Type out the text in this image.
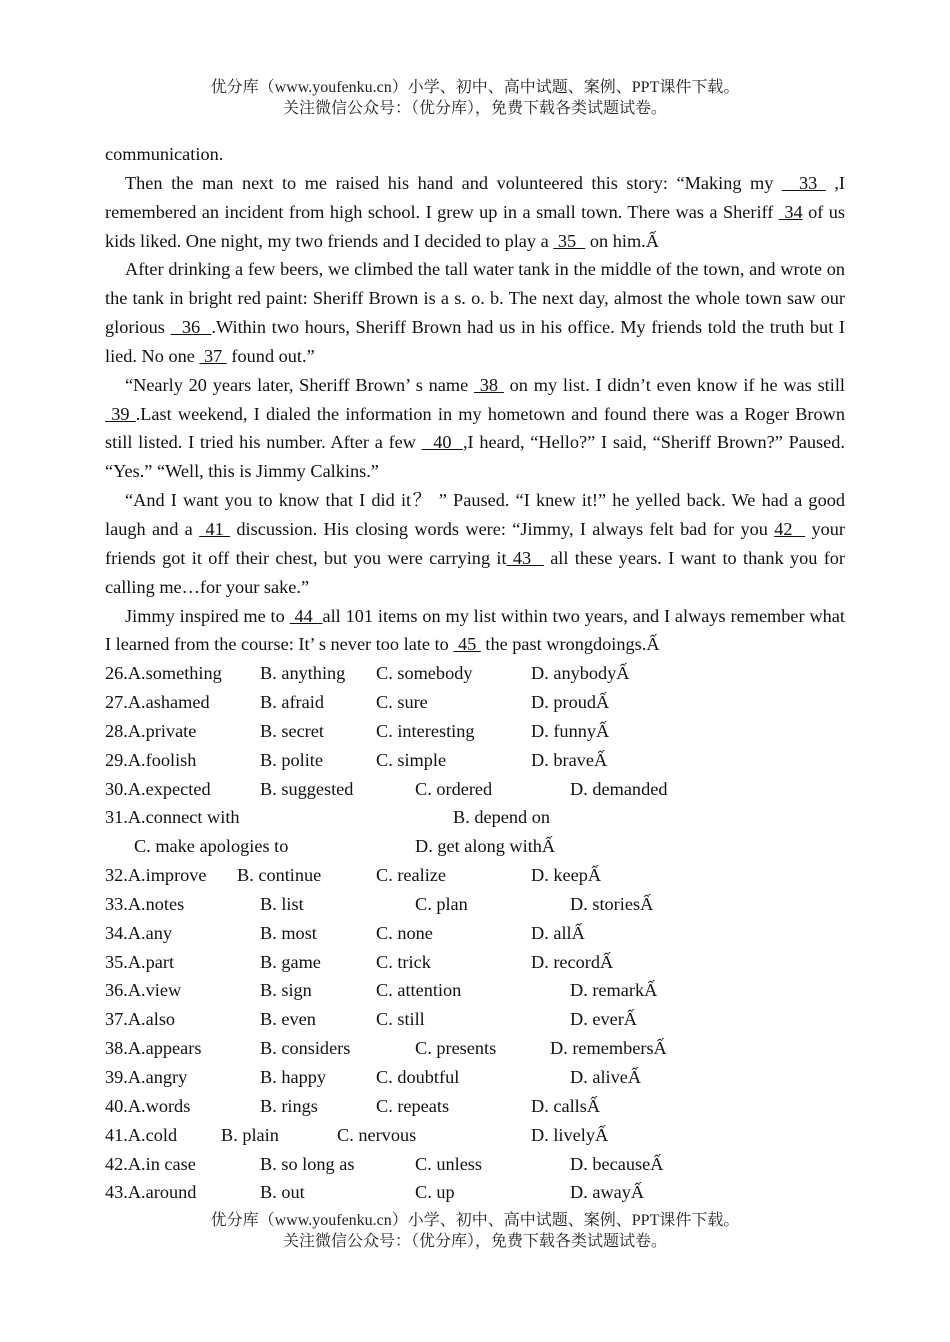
优分库（www.youfenku.cn）小学、初中、高中试题、案例、PPT课件下载。
关注微信公众号：（优分库），免费下载各类试题试卷。
communication.
Then the man next to me raised his hand and volunteered this story: “Making my   33  ,I remembered an incident from high school. I grew up in a small town. There was a Sheriff  34 of us kids liked. One night, my two friends and I decided to play a  35   on him.Ấ
After drinking a few beers, we climbed the tall water tank in the middle of the town, and wrote on the tank in bright red paint: Sheriff Brown is a s. o. b. The next day, almost the whole town saw our glorious   36  .Within two hours, Sheriff Brown had us in his office. My friends told the truth but I lied. No one  37  found out.”
“Nearly 20 years later, Sheriff Brown’ s name  38  on my list. I didn’t even know if he was still  39 .Last weekend, I dialed the information in my hometown and found there was a Roger Brown still listed. I tried his number. After a few   40  ,I heard, “Hello?” I said, “Sheriff Brown?” Paused. “Yes.” “Well, this is Jimmy Calkins.”
“And I want you to know that I did it？ ” Paused. “I knew it!” he yelled back. We had a good laugh and a  41  discussion. His closing words were: “Jimmy, I always felt bad for you 42   your friends got it off their chest, but you were carrying it 43   all these years. I want to thank you for calling me…for your sake.”
Jimmy inspired me to  44  all 101 items on my list within two years, and I always remember what I learned from the course: It’ s never too late to  45  the past wrongdoings.Ấ
26.A.something B. anything C. somebody	D. anybodyẤ
27.A.ashamed	B. afraid	C. sure	D. proudẤ
28.A.private	B. secret	C. interesting	D. funnyẤ
29.A.foolish	B. polite	C. simple	D. braveẤ
30.A.expected	B. suggested	C. ordered	D. demanded
31.A.connect with	B. depend on
C. make apologies to	D. get along withẤ
32.A.improve B. continue	C. realize	D. keepẤ
33.A.notes	B. list	C. plan	D. storiesẤ
34.A.any	B. most	C. none	D. allẤ
35.A.part	B. game	C. trick	D. recordẤ
36.A.view	B. sign	C. attention	D. remarkẤ
37.A.also	B. even	C. still	D. everẤ
38.A.appears	B. considers	C. presents	D. remembersẤ
39.A.angry	B. happy	C. doubtful	D. aliveẤ
40.A.words	B. rings	C. repeats	D. callsẤ
41.A.cold B. plain	C. nervous	D. livelyẤ
42.A.in case	B. so long as	C. unless	D. becauseẤ
43.A.around	B. out	C. up	D. awayẤ
优分库（www.youfenku.cn）小学、初中、高中试题、案例、PPT课件下载。
关注微信公众号：（优分库），免费下载各类试题试卷。
